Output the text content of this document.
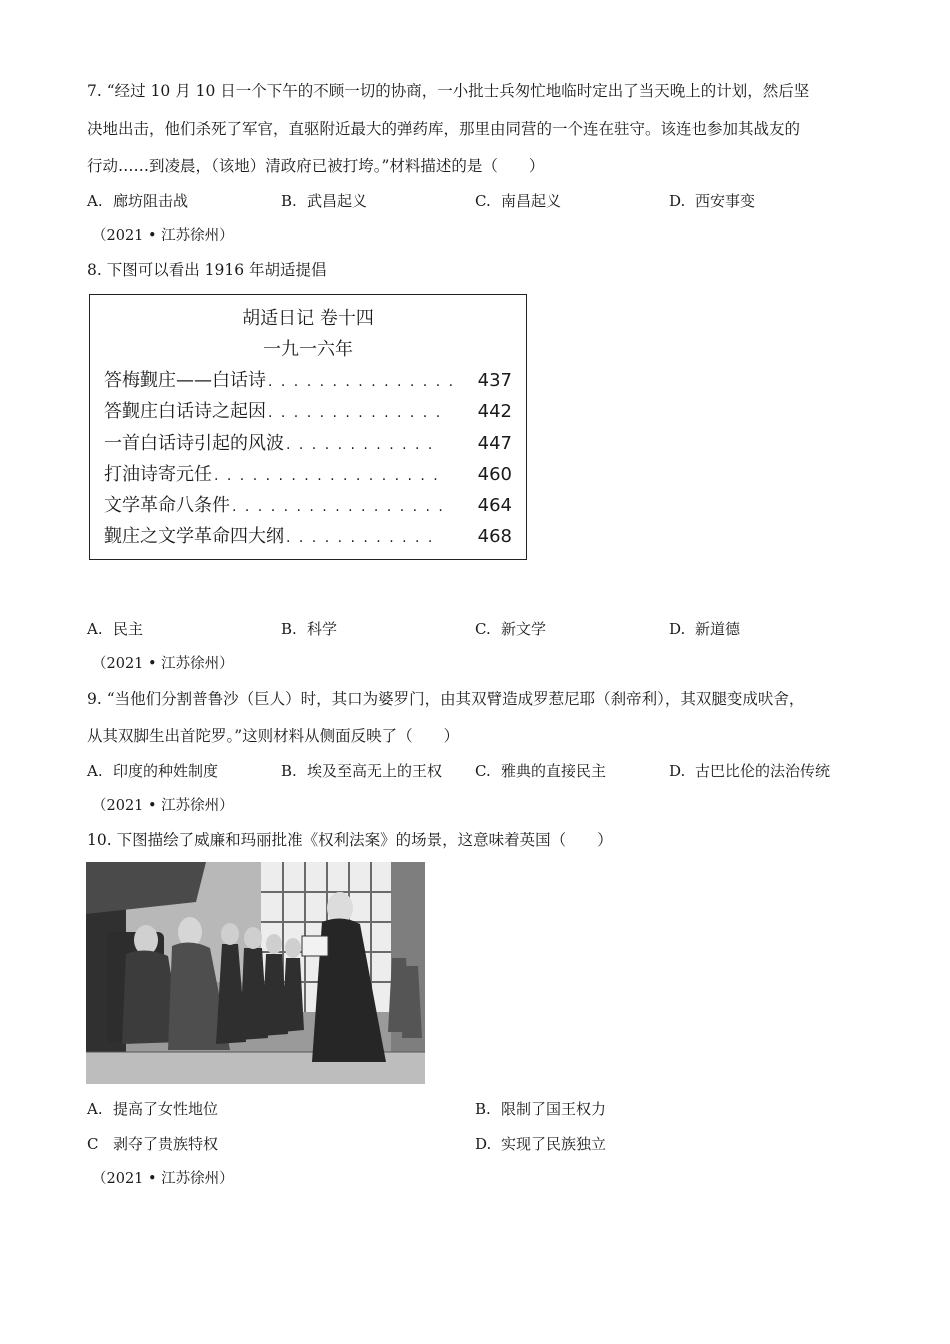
7. “经过 10 月 10 日一个下午的不顾一切的协商，一小批士兵匆忙地临时定出了当天晚上的计划，然后坚
决地出击，他们杀死了军官，直驱附近最大的弹药库，那里由同营的一个连在驻守。该连也参加其战友的
行动……到凌晨，（该地）清政府已被打垮。”材料描述的是（　　）
A. 廊坊阻击战	B. 武昌起义	C. 南昌起义	D. 西安事变
（2021 • 江苏徐州）
8. 下图可以看出 1916 年胡适提倡
胡适日记 卷十四
一九一六年
答梅觐庄——白话诗 . . . . . . . . . . . . . . .	437
答觐庄白话诗之起因 . . . . . . . . . . . . . .	442
一首白话诗引起的风波 . . . . . . . . . . . .	447
打油诗寄元任 . . . . . . . . . . . . . . . . . .	460
文学革命八条件 . . . . . . . . . . . . . . . . .	464
觐庄之文学革命四大纲 . . . . . . . . . . . .	468
A. 民主	B. 科学	C. 新文学	D. 新道德
（2021 • 江苏徐州）
9. “当他们分割普鲁沙（巨人）时，其口为婆罗门，由其双臂造成罗惹尼耶（刹帝利），其双腿变成吠舍，
从其双脚生出首陀罗。”这则材料从侧面反映了（　　）
A. 印度的种姓制度	B. 埃及至高无上的王权 C. 雅典的直接民主	D. 古巴比伦的法治传统
（2021 • 江苏徐州）
10. 下图描绘了威廉和玛丽批准《权利法案》的场景，这意味着英国（　　）
A. 提高了女性地位	B. 限制了国王权力
C 剥夺了贵族特权	D. 实现了民族独立
（2021 • 江苏徐州）
